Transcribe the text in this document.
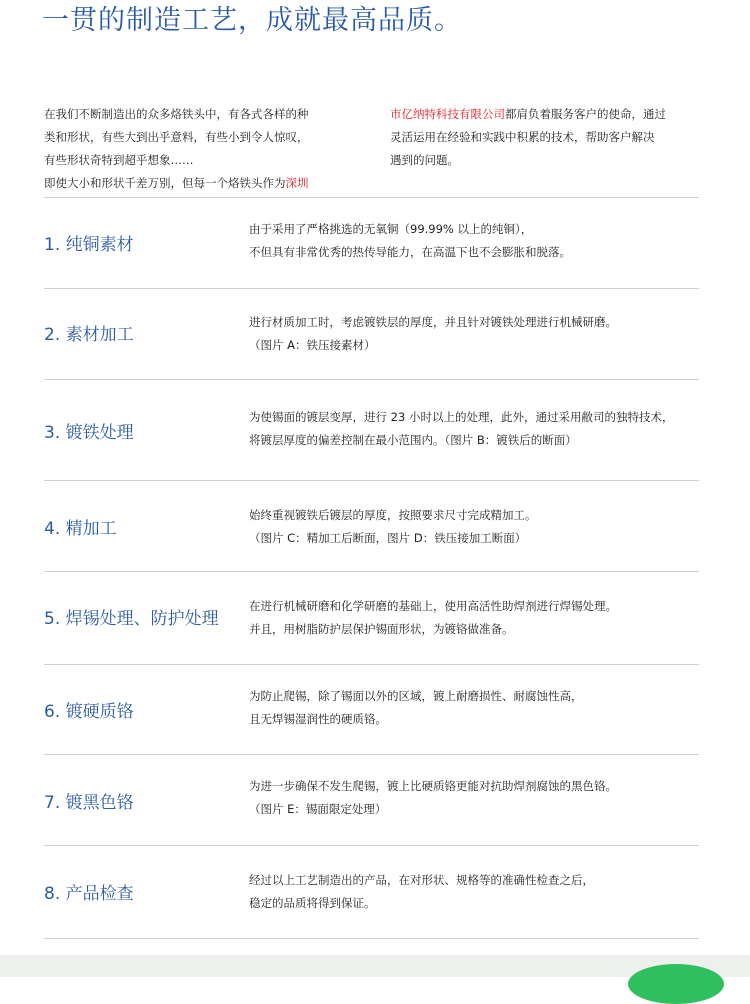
一贯的制造工艺，成就最高品质。
在我们不断制造出的众多烙铁头中，有各式各样的种
类和形状，有些大到出乎意料，有些小到令人惊叹，
有些形状奇特到超乎想象……
即使大小和形状千差万别，但每一个烙铁头作为深圳
市亿纳特科技有限公司都肩负着服务客户的使命，通过
灵活运用在经验和实践中积累的技术，帮助客户解决
遇到的问题。
1. 纯铜素材
由于采用了严格挑选的无氧铜（99.99% 以上的纯铜），
不但具有非常优秀的热传导能力，在高温下也不会膨胀和脱落。
2. 素材加工
进行材质加工时，考虑镀铁层的厚度，并且针对镀铁处理进行机械研磨。
（图片 A：铁压接素材）
3. 镀铁处理
为使锡面的镀层变厚，进行 23 小时以上的处理，此外，通过采用敝司的独特技术，
将镀层厚度的偏差控制在最小范围内。（图片 B：镀铁后的断面）
4. 精加工
始终重视镀铁后镀层的厚度，按照要求尺寸完成精加工。
（图片 C：精加工后断面，图片 D：铁压接加工断面）
5. 焊锡处理、防护处理
在进行机械研磨和化学研磨的基础上，使用高活性助焊剂进行焊锡处理。
并且，用树脂防护层保护锡面形状，为镀铬做准备。
6. 镀硬质铬
为防止爬锡，除了锡面以外的区域，镀上耐磨损性、耐腐蚀性高，
且无焊锡湿润性的硬质铬。
7. 镀黑色铬
为进一步确保不发生爬锡，镀上比硬质铬更能对抗助焊剂腐蚀的黑色铬。
（图片 E：锡面限定处理）
8. 产品检查
经过以上工艺制造出的产品，在对形状、规格等的准确性检查之后，
稳定的品质将得到保证。
